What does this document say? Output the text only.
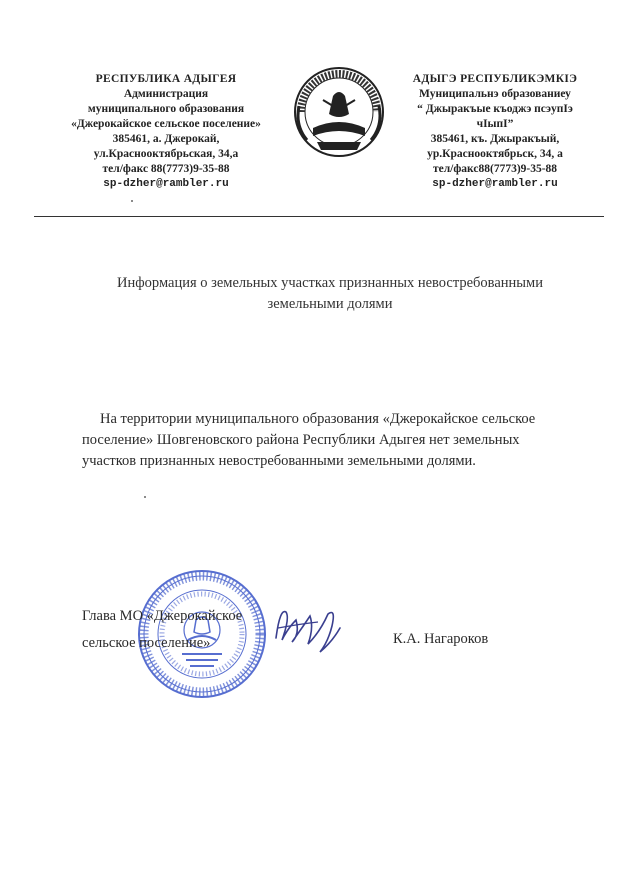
РЕСПУБЛИКА АДЫГЕЯ
Администрация
муниципального образования
«Джерокайское сельское поселение»
385461, а. Джерокай,
ул.Краснооктябрьская, 34,а
тел/факс 88(7773)9-35-88
sp-dzher@rambler.ru
АДЫГЭ РЕСПУБЛИКЭМКIЭ
Муниципальнэ образованиеу
“ Джыракъые къоджэ псэупIэ
чIыпI”
385461, къ. Джыракъый,
ур.Краснооктябрьск, 34, а
тел/факс88(7773)9-35-88
sp-dzher@rambler.ru
Информация о земельных участках признанных невостребованными земельными долями
На территории муниципального образования «Джерокайское сельское поселение» Шовгеновского района Республики Адыгея нет земельных участков признанных невостребованными земельными долями.
Глава МО «Джерокайское
сельское поселение»	К.А. Нагароков
